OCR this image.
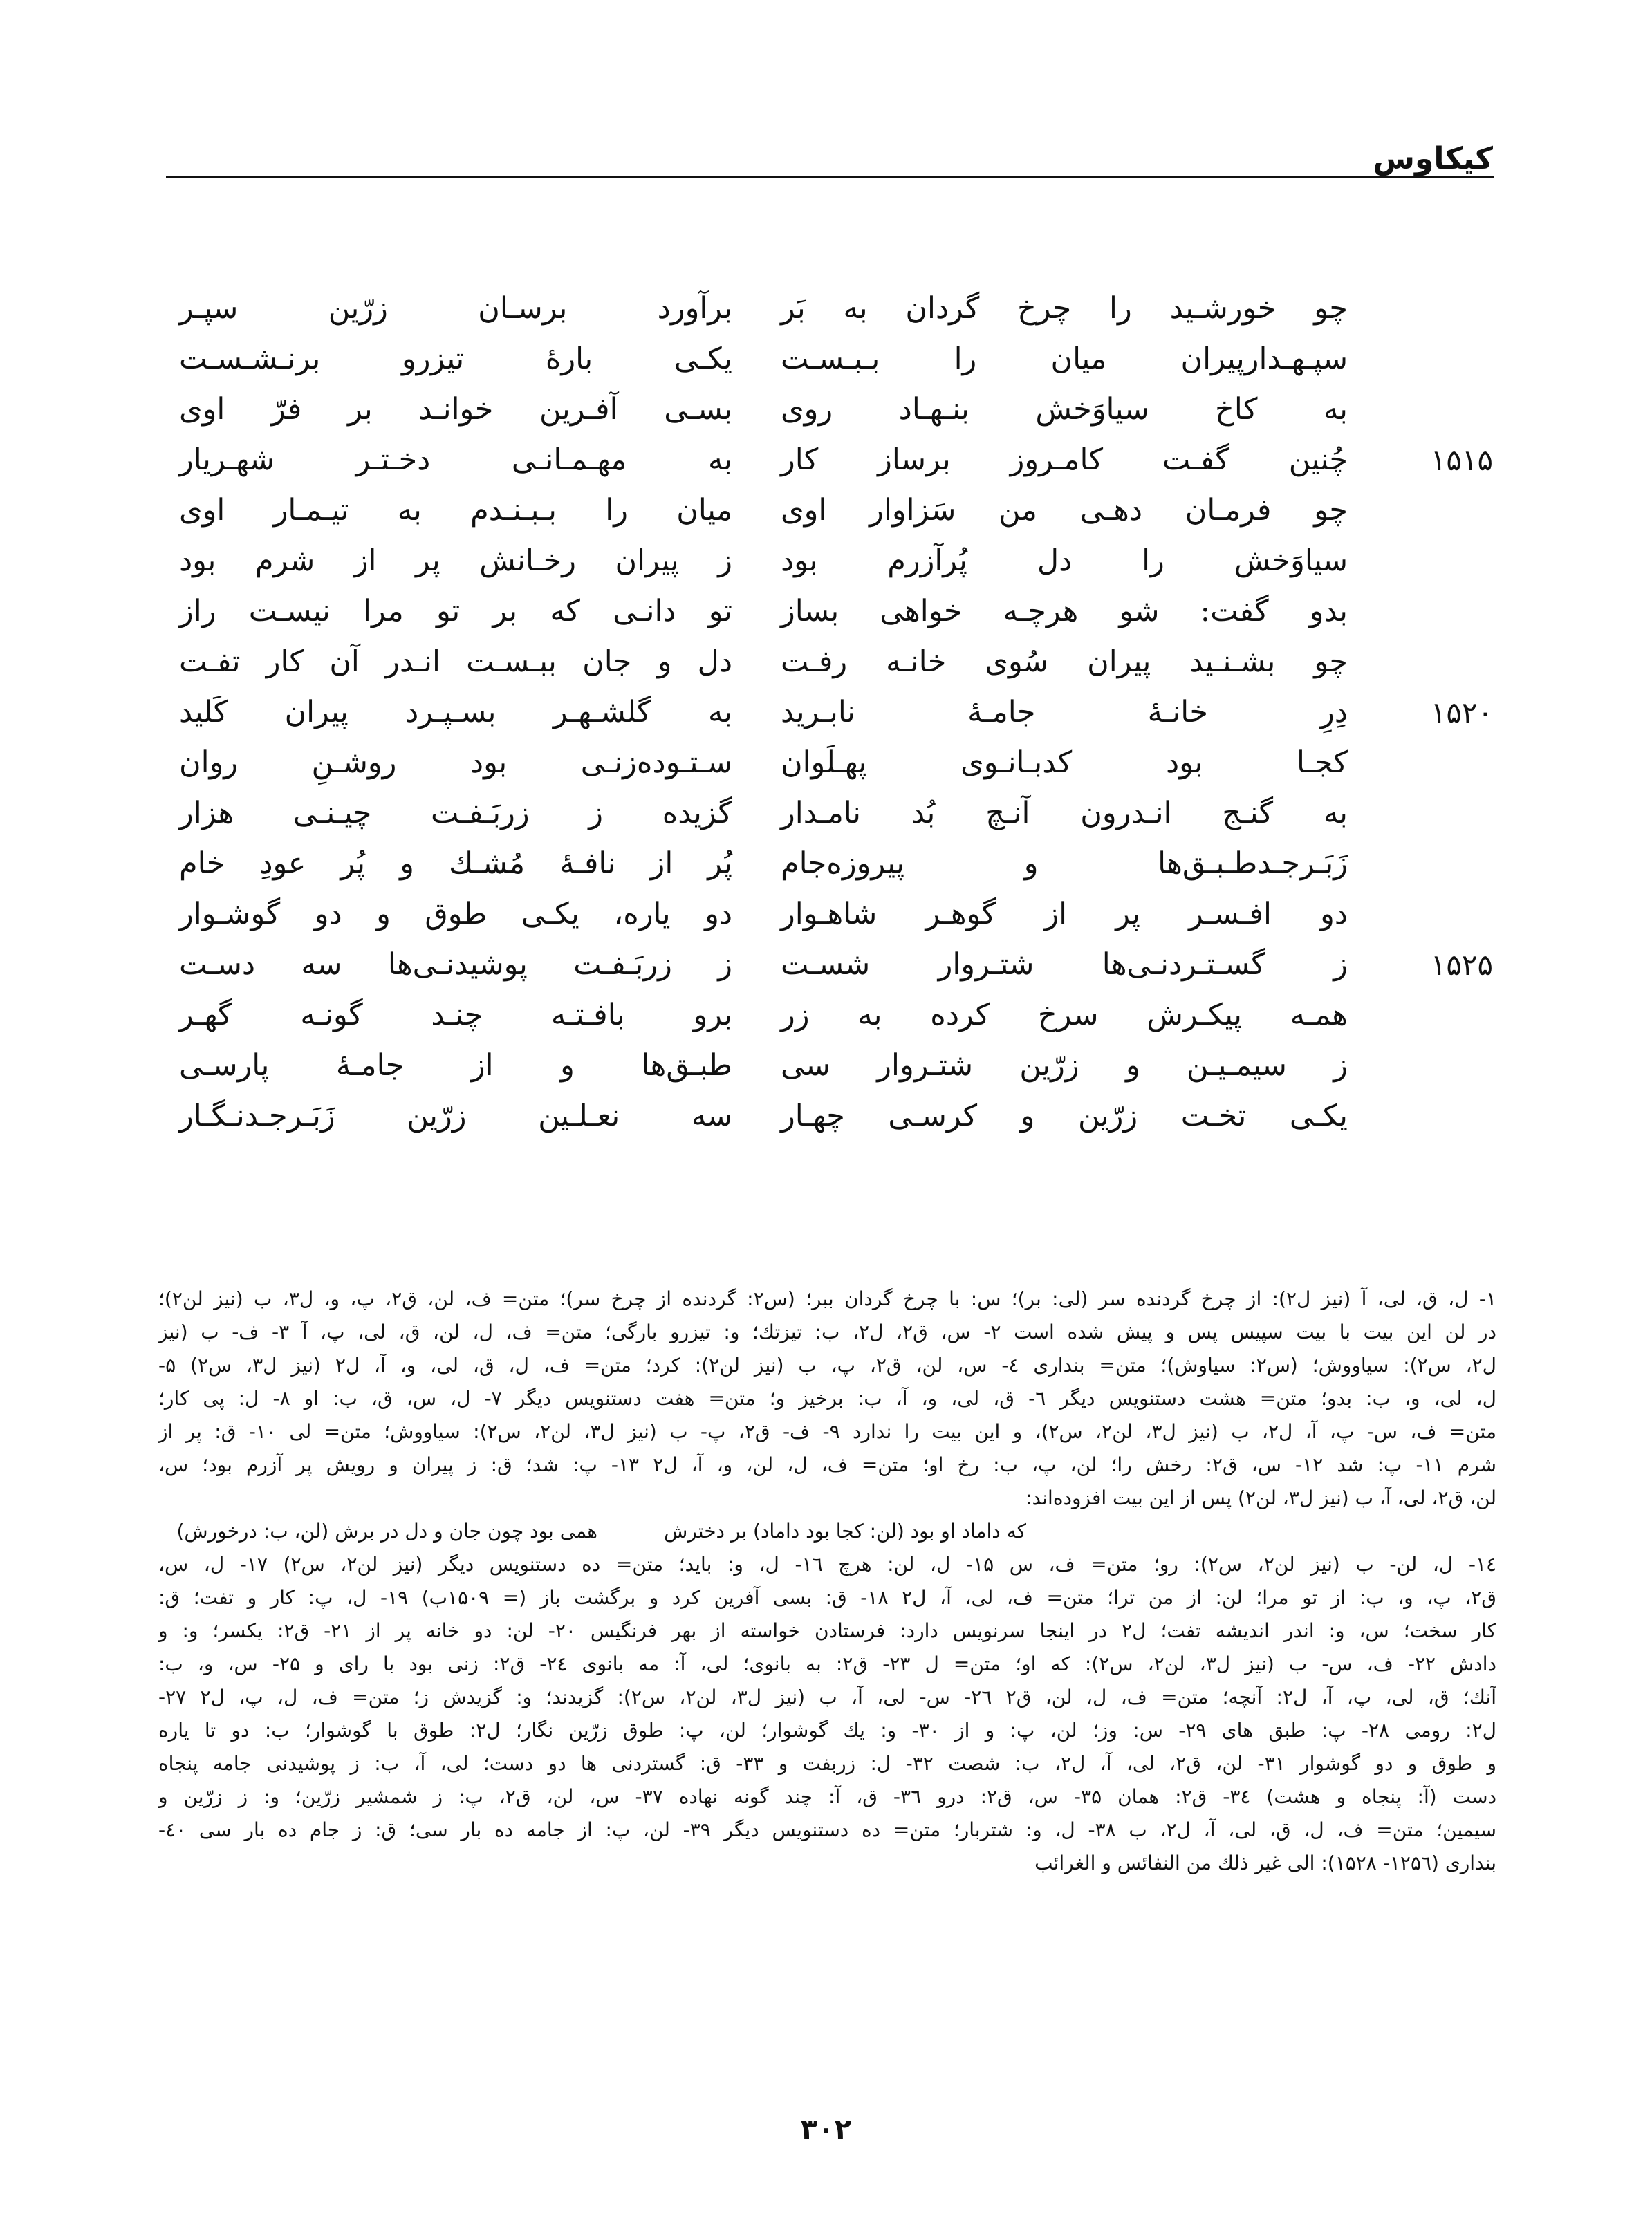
کیکاوس
چو خورشـید را چرخ گردان به بَر
برآورد برسـان زرّین سپـر
سپـهـدارپیران میان را بـبـسـت
یکـی بارهٔ تیزرو برنـشـسـت
به کاخ سیاوَخش بنـهـاد روی
بسـی آفـرین خوانـد بر فرّ اوی
۱۵۱۵
چُنین گفـت کامـروز برساز کار
به مهـمـانـی دخـتـر شهـریار
چو فرمـان دهـی من سَزاوار اوی
میان را بـبـنـدم به تیـمـار اوی
سیاوَخش را دل پُرآزرم بود
ز پیران رخـانش پر از شرم بود
بدو گفت: شو هرچـه خواهی بساز
تو دانـی که بر تو مرا نیسـت راز
چو بشـنـید پیران سُوی خانـه رفـت
دل و جان ببـسـت انـدر آن کار تفـت
۱۵۲۰
دِرِ خانـهٔ جامـهٔ نابـرید
به گلشـهـر بسـپـرد پیران کَلید
کجـا بود کدبـانـوی پهـلَوان
سـتـوده‌زنـی بود روشـنِ روان
به گنـج انـدرون آنـچ بُد نامـدار
گزیده ز زربَـفـت چیـنـی هزار
زَبَـرجـدطـبـق‌ها و پیروزه‌جام
پُر از نافـهٔ مُشـك و پُر عودِ خام
دو افـسـر پر از گوهـر شاهـوار
دو یاره، یکـی طوق و دو گوشـوار
۱۵۲۵
ز گسـتـردنـی‌ها شتـروار شسـت
ز زربَـفـت پوشیدنـی‌ها سه دسـت
همـه پیکـرش سرخ کرده به زر
برو بافـتـه چنـد گونـه گهـر
ز سیمـیـن و زرّین شتـروار سی
طبـق‌ها و از جامـهٔ پارسـی
یکـی تخـت زرّین و کرسـی چهـار
سه نعـلـین زرّین زَبَـرجـدنـگـار

۱- ل، ق، لی، آ (نیز ل۲): از چرخ گردنده سر (لی: بر)؛ س: با چرخ گردان ببر؛ (س۲: گردنده از چرخ سر)؛ متن= ف، لن، ق۲، پ، و، ل۳، ب (نیز لن۲)؛

در لن این بیت با بیت سپیس پس و پیش شده است ۲- س، ق۲، ل۲، ب: تیزتك؛ و: تیزرو بارگی؛ متن= ف، ل، لن، ق، لی، پ، آ ۳- ف- ب (نیز

ل۲، س۲): سیاووش؛ (س۲: سیاوش)؛ متن= بنداری ٤- س، لن، ق۲، پ، ب (نیز لن۲): کرد؛ متن= ف، ل، ق، لی، و، آ، ل۲ (نیز ل۳، س۲) ۵-

ل، لی، و، ب: بدو؛ متن= هشت دستنویس دیگر ٦- ق، لی، و، آ، ب: برخیز و؛ متن= هفت دستنویس دیگر ۷- ل، س، ق، ب: او ۸- ل: پی کار؛

متن= ف، س- پ، آ، ل۲، ب (نیز ل۳، لن۲، س۲)، و این بیت را ندارد ۹- ف- ق۲، پ- ب (نیز ل۳، لن۲، س۲): سیاووش؛ متن= لی ۱۰- ق: پر از

شرم ۱۱- پ: شد ۱۲- س، ق۲: رخش را؛ لن، پ، ب: رخ او؛ متن= ف، ل، لن، و، آ، ل۲ ۱۳- پ: شد؛ ق: ز پیران و رویش پر آزرم بود؛ س،

لن، ق۲، لی، آ، ب (نیز ل۳، لن۲) پس از این بیت افزوده‌اند:

که داماد او بود (لن: کجا بود داماد) بر دخترش
همی بود چون جان و دل در برش (لن، ب: درخورش)

۱٤- ل، لن- ب (نیز لن۲، س۲): رو؛ متن= ف، س ۱۵- ل، لن: هرچ ۱٦- ل، و: باید؛ متن= ده دستنویس دیگر (نیز لن۲، س۲) ۱۷- ل، س،

ق۲، پ، و، ب: از تو مرا؛ لن: از من ترا؛ متن= ف، لی، آ، ل۲ ۱۸- ق: بسی آفرین کرد و برگشت باز (= ۱۵۰۹ب) ۱۹- ل، پ: کار و تفت؛ ق:

کار سخت؛ س، و: اندر اندیشه تفت؛ ل۲ در اینجا سرنویس دارد: فرستادن خواسته از بهر فرنگیس ۲۰- لن: دو خانه پر از ۲۱- ق۲: یکسر؛ و: و

دادش ۲۲- ف، س- ب (نیز ل۳، لن۲، س۲): که او؛ متن= ل ۲۳- ق۲: به بانوی؛ لی، آ: مه بانوی ۲٤- ق۲: زنی بود با رای و ۲۵- س، و، ب:

آنك؛ ق، لی، پ، آ، ل۲: آنچه؛ متن= ف، ل، لن، ق۲ ۲٦- س- لی، آ، ب (نیز ل۳، لن۲، س۲): گزیدند؛ و: گزیدش ز؛ متن= ف، ل، پ، ل۲ ۲۷-

ل۲: رومی ۲۸- پ: طبق های ۲۹- س: وز؛ لن، پ: و از ۳۰- و: یك گوشوار؛ لن، پ: طوق زرّین نگار؛ ل۲: طوق با گوشوار؛ ب: دو تا یاره

و طوق و دو گوشوار ۳۱- لن، ق۲، لی، آ، ل۲، ب: شصت ۳۲- ل: زربفت و ۳۳- ق: گستردنی ها دو دست؛ لی، آ، ب: ز پوشیدنی جامه پنجاه

دست (آ: پنجاه و هشت) ۳٤- ق۲: همان ۳۵- س، ق۲: درو ۳٦- ق، آ: چند گونه نهاده ۳۷- س، لن، ق۲، پ: ز شمشیر زرّین؛ و: ز زرّین و

سیمین؛ متن= ف، ل، ق، لی، آ، ل۲، ب ۳۸- ل، و: شتربار؛ متن= ده دستنویس دیگر ۳۹- لن، پ: از جامه ده بار سی؛ ق: ز جام ده بار سی ٤۰-

بنداری (۱۲۵٦- ۱۵۲۸): الی غیر ذلك من النفائس و الغرائب

۳۰۲
